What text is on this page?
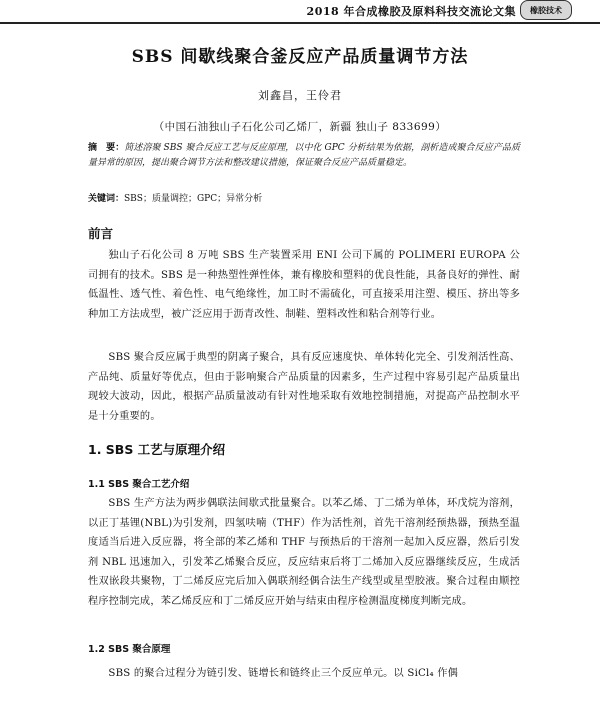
2018 年合成橡胶及原料科技交流论文集	橡胶技术
SBS 间歇线聚合釜反应产品质量调节方法
刘鑫昌，王伶君
（中国石油独山子石化公司乙烯厂，新疆 独山子 833699）
摘　要：简述溶聚 SBS 聚合反应工艺与反应原理，以中化 GPC 分析结果为依据，剖析造成聚合反应产品质量异常的原因，提出聚合调节方法和整改建议措施，保证聚合反应产品质量稳定。
关键词：SBS；质量调控；GPC；异常分析
前言

独山子石化公司 8 万吨 SBS 生产装置采用 ENI 公司下属的 POLIMERI EUROPA 公司拥有的技术。SBS 是一种热塑性弹性体，兼有橡胶和塑料的优良性能，具备良好的弹性、耐低温性、透气性、着色性、电气绝缘性，加工时不需硫化，可直接采用注塑、模压、挤出等多种加工方法成型，被广泛应用于沥青改性、制鞋、塑料改性和粘合剂等行业。

SBS 聚合反应属于典型的阴离子聚合，具有反应速度快、单体转化完全、引发剂活性高、产品纯、质量好等优点，但由于影响聚合产品质量的因素多，生产过程中容易引起产品质量出现较大波动，因此，根据产品质量波动有针对性地采取有效地控制措施，对提高产品控制水平是十分重要的。

1. SBS 工艺与原理介绍
1.1 SBS 聚合工艺介绍

SBS 生产方法为两步偶联法间歇式批量聚合。以苯乙烯、丁二烯为单体，环戊烷为溶剂，以正丁基锂(NBL)为引发剂，四氢呋喃（THF）作为活性剂，首先干溶剂经预热器，预热至温度适当后进入反应器，将全部的苯乙烯和 THF 与预热后的干溶剂一起加入反应器，然后引发剂 NBL 迅速加入，引发苯乙烯聚合反应，反应结束后将丁二烯加入反应器继续反应，生成活性双嵌段共聚物，丁二烯反应完后加入偶联剂经偶合法生产线型或星型胶液。聚合过程由顺控程序控制完成，苯乙烯反应和丁二烯反应开始与结束由程序检测温度梯度判断完成。

1.2 SBS 聚合原理

SBS 的聚合过程分为链引发、链增长和链终止三个反应单元。以 SiCl₄ 作偶
